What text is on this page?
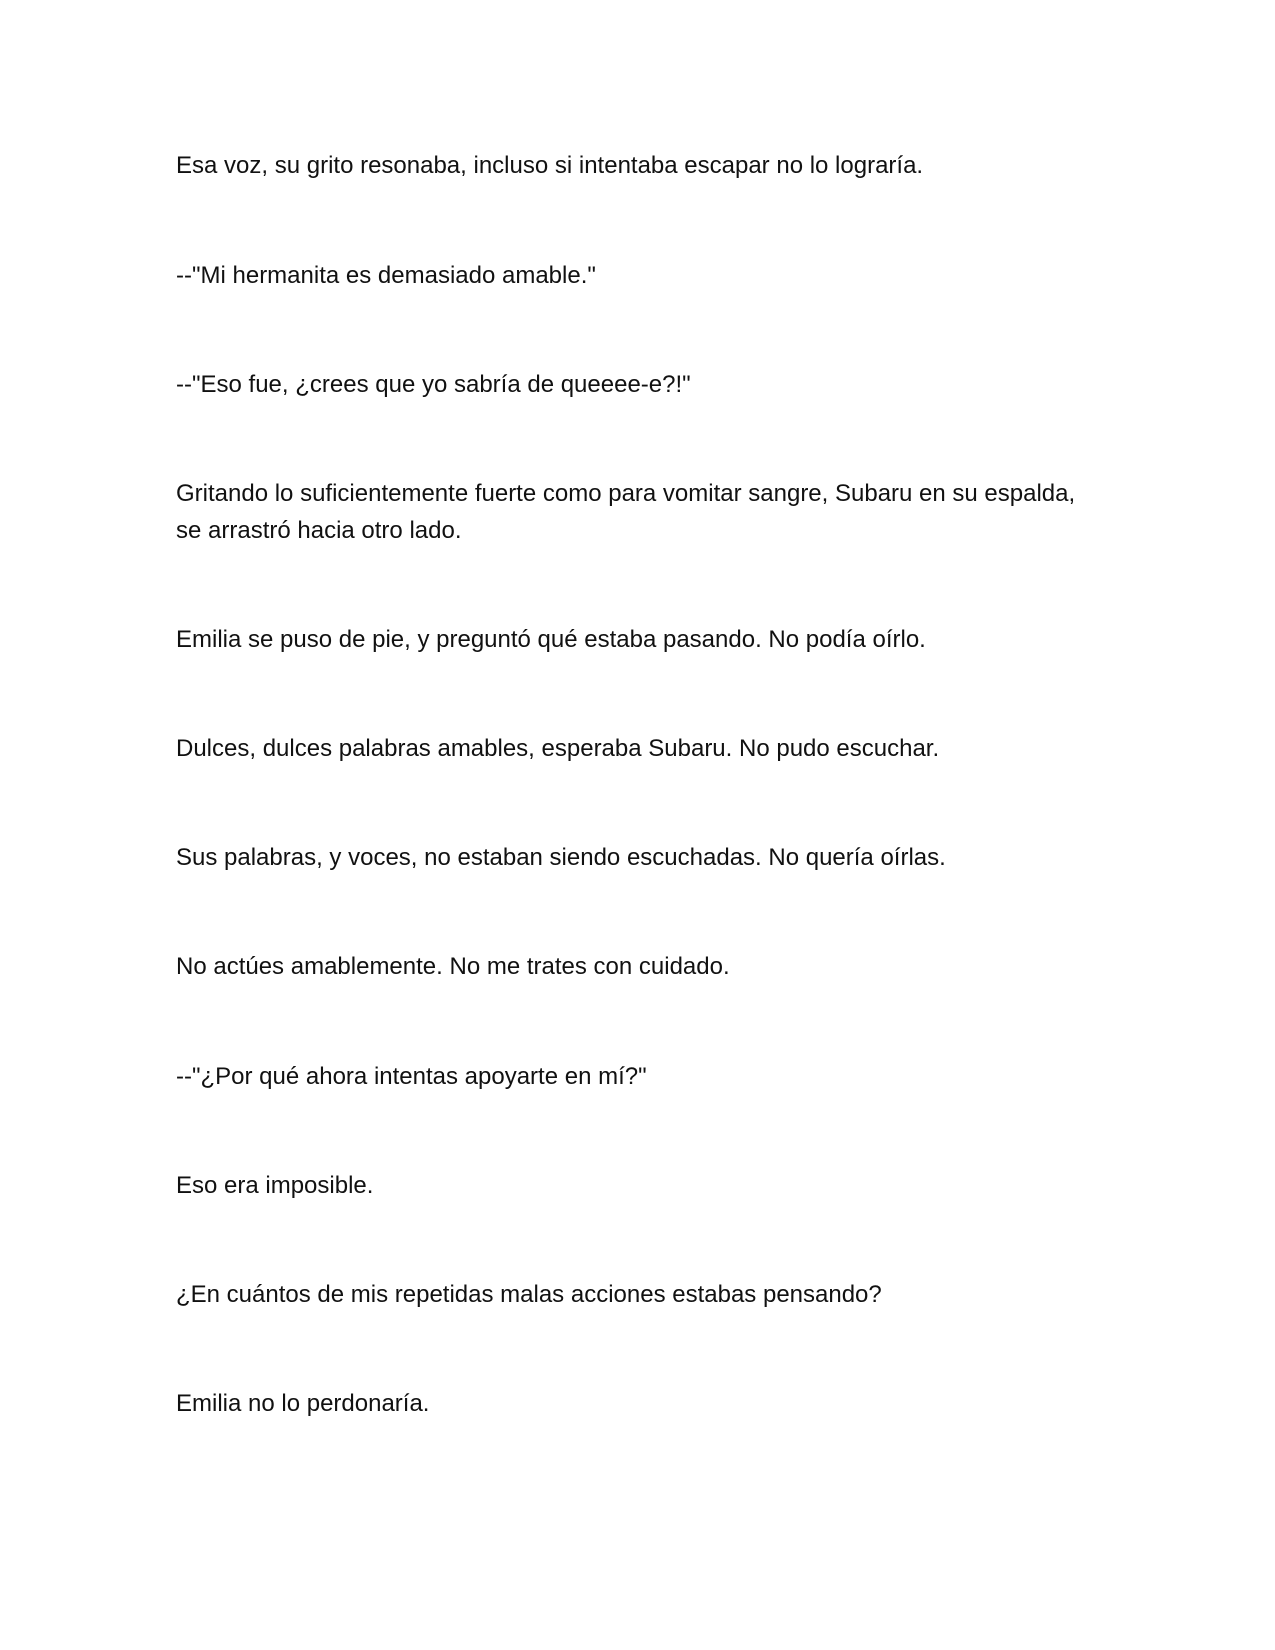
Esa voz, su grito resonaba, incluso si intentaba escapar no lo lograría.

--"Mi hermanita es demasiado amable."

--"Eso fue, ¿crees que yo sabría de queeee-e?!"

Gritando lo suficientemente fuerte como para vomitar sangre, Subaru en su espalda, se arrastró hacia otro lado.

Emilia se puso de pie, y preguntó qué estaba pasando. No podía oírlo.

Dulces, dulces palabras amables, esperaba Subaru. No pudo escuchar.

Sus palabras, y voces, no estaban siendo escuchadas. No quería oírlas.

No actúes amablemente. No me trates con cuidado.

--"¿Por qué ahora intentas apoyarte en mí?"

Eso era imposible.

¿En cuántos de mis repetidas malas acciones estabas pensando?

Emilia no lo perdonaría.
